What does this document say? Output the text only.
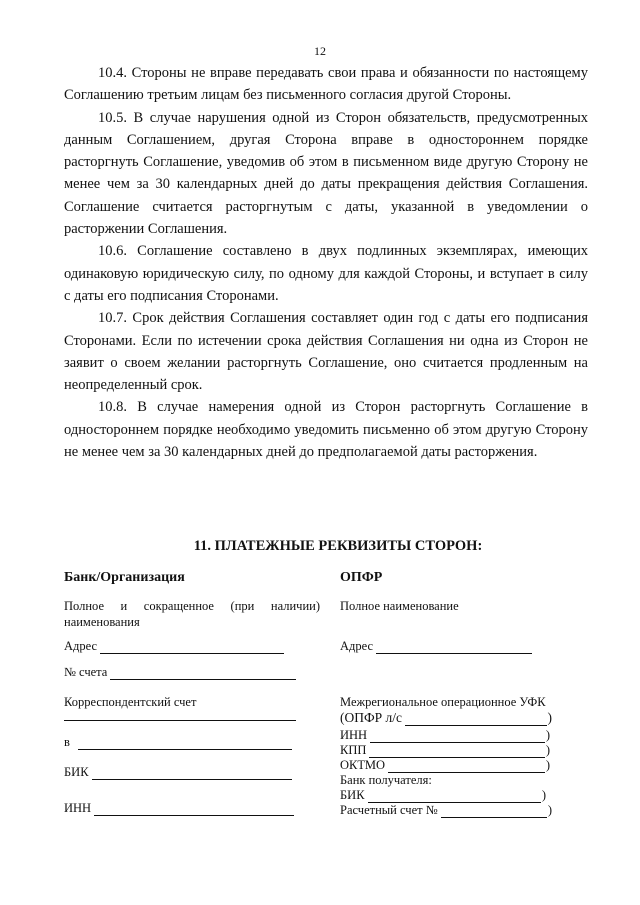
12

10.4. Стороны не вправе передавать свои права и обязанности по настоящему Соглашению третьим лицам без письменного согласия другой Стороны.

10.5. В случае нарушения одной из Сторон обязательств, предусмотренных данным Соглашением, другая Сторона вправе в одностороннем порядке расторгнуть Соглашение, уведомив об этом в письменном виде другую Сторону не менее чем за 30 календарных дней до даты прекращения действия Соглашения. Соглашение считается расторгнутым с даты, указанной в уведомлении о расторжении Соглашения.

10.6. Соглашение составлено в двух подлинных экземплярах, имеющих одинаковую юридическую силу, по одному для каждой Стороны, и вступает в силу с даты его подписания Сторонами.

10.7. Срок действия Соглашения составляет один год с даты его подписания Сторонами. Если по истечении срока действия Соглашения ни одна из Сторон не заявит о своем желании расторгнуть Соглашение, оно считается продленным на неопределенный срок.

10.8. В случае намерения одной из Сторон расторгнуть Соглашение в одностороннем порядке необходимо уведомить письменно об этом другую Сторону не менее чем за 30 календарных дней до предполагаемой даты расторжения.

11. ПЛАТЕЖНЫЕ РЕКВИЗИТЫ СТОРОН:
Банк/Организация
Полное и сокращенное (при наличии) наименования
Адрес
№ счета
Корреспондентский счет
в
БИК
ИНН
ОПФР
Полное наименование
Адрес
Межрегиональное операционное УФК
(ОПФР л/с	)
ИНН	)
КПП	)
ОКТМО	)
Банк получателя:
БИК	)
Расчетный счет №	)
